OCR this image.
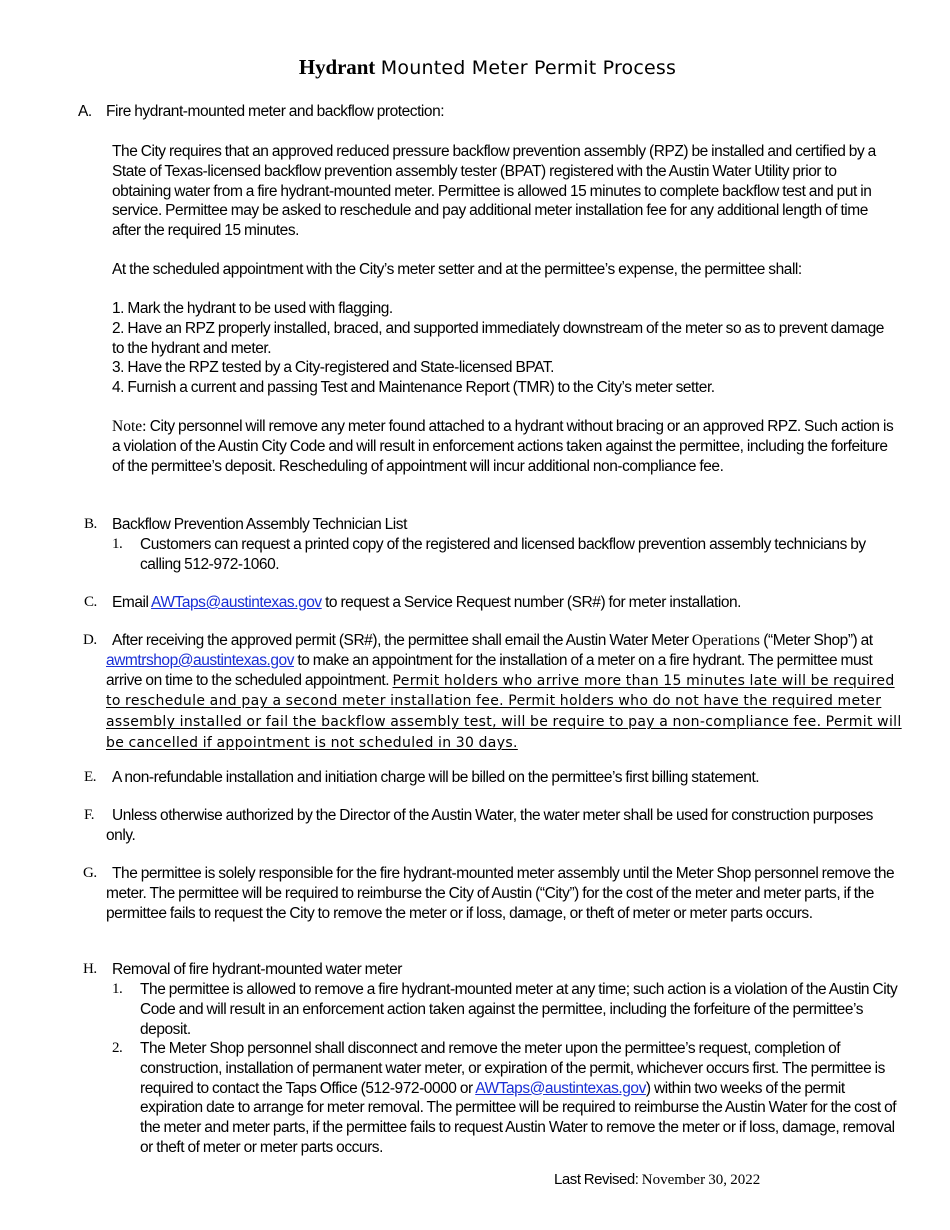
Hydrant Mounted Meter Permit Process
A. Fire hydrant-mounted meter and backflow protection:

The City requires that an approved reduced pressure backflow prevention assembly (RPZ) be installed and certified by a State of Texas-licensed backflow prevention assembly tester (BPAT) registered with the Austin Water Utility prior to obtaining water from a fire hydrant-mounted meter. Permittee is allowed 15 minutes to complete backflow test and put in service. Permittee may be asked to reschedule and pay additional meter installation fee for any additional length of time after the required 15 minutes.

At the scheduled appointment with the City’s meter setter and at the permittee’s expense, the permittee shall:

1. Mark the hydrant to be used with flagging.

2. Have an RPZ properly installed, braced, and supported immediately downstream of the meter so as to prevent damage to the hydrant and meter.

3. Have the RPZ tested by a City-registered and State-licensed BPAT.

4. Furnish a current and passing Test and Maintenance Report (TMR) to the City’s meter setter.

Note: City personnel will remove any meter found attached to a hydrant without bracing or an approved RPZ. Such action is a violation of the Austin City Code and will result in enforcement actions taken against the permittee, including the forfeiture of the permittee’s deposit. Rescheduling of appointment will incur additional non-compliance fee.

B. Backflow Prevention Assembly Technician List
1. Customers can request a printed copy of the registered and licensed backflow prevention assembly technicians by calling 512-972-1060.

C. Email AWTaps@austintexas.gov to request a Service Request number (SR#) for meter installation.

D. After receiving the approved permit (SR#), the permittee shall email the Austin Water Meter Operations (“Meter Shop”) at awmtrshop@austintexas.gov to make an appointment for the installation of a meter on a fire hydrant. The permittee must arrive on time to the scheduled appointment. Permit holders who arrive more than 15 minutes late will be required to reschedule and pay a second meter installation fee. Permit holders who do not have the required meter assembly installed or fail the backflow assembly test, will be require to pay a non-compliance fee. Permit will be cancelled if appointment is not scheduled in 30 days.

E. A non-refundable installation and initiation charge will be billed on the permittee’s first billing statement.

F.	Unless otherwise authorized by the Director of the Austin Water, the water meter shall be used for construction purposes only.

G. The permittee is solely responsible for the fire hydrant-mounted meter assembly until the Meter Shop personnel remove the meter. The permittee will be required to reimburse the City of Austin (“City”) for the cost of the meter and meter parts, if the permittee fails to request the City to remove the meter or if loss, damage, or theft of meter or meter parts occurs.

H. Removal of fire hydrant-mounted water meter
1. The permittee is allowed to remove a fire hydrant-mounted meter at any time; such action is a violation of the Austin City Code and will result in an enforcement action taken against the permittee, including the forfeiture of the permittee’s deposit.

2. The Meter Shop personnel shall disconnect and remove the meter upon the permittee’s request, completion of construction, installation of permanent water meter, or expiration of the permit, whichever occurs first. The permittee is required to contact the Taps Office (512-972-0000 or AWTaps@austintexas.gov) within two weeks of the permit expiration date to arrange for meter removal. The permittee will be required to reimburse the Austin Water for the cost of the meter and meter parts, if the permittee fails to request Austin Water to remove the meter or if loss, damage, removal or theft of meter or meter parts occurs.

Last Revised: November 30, 2022
